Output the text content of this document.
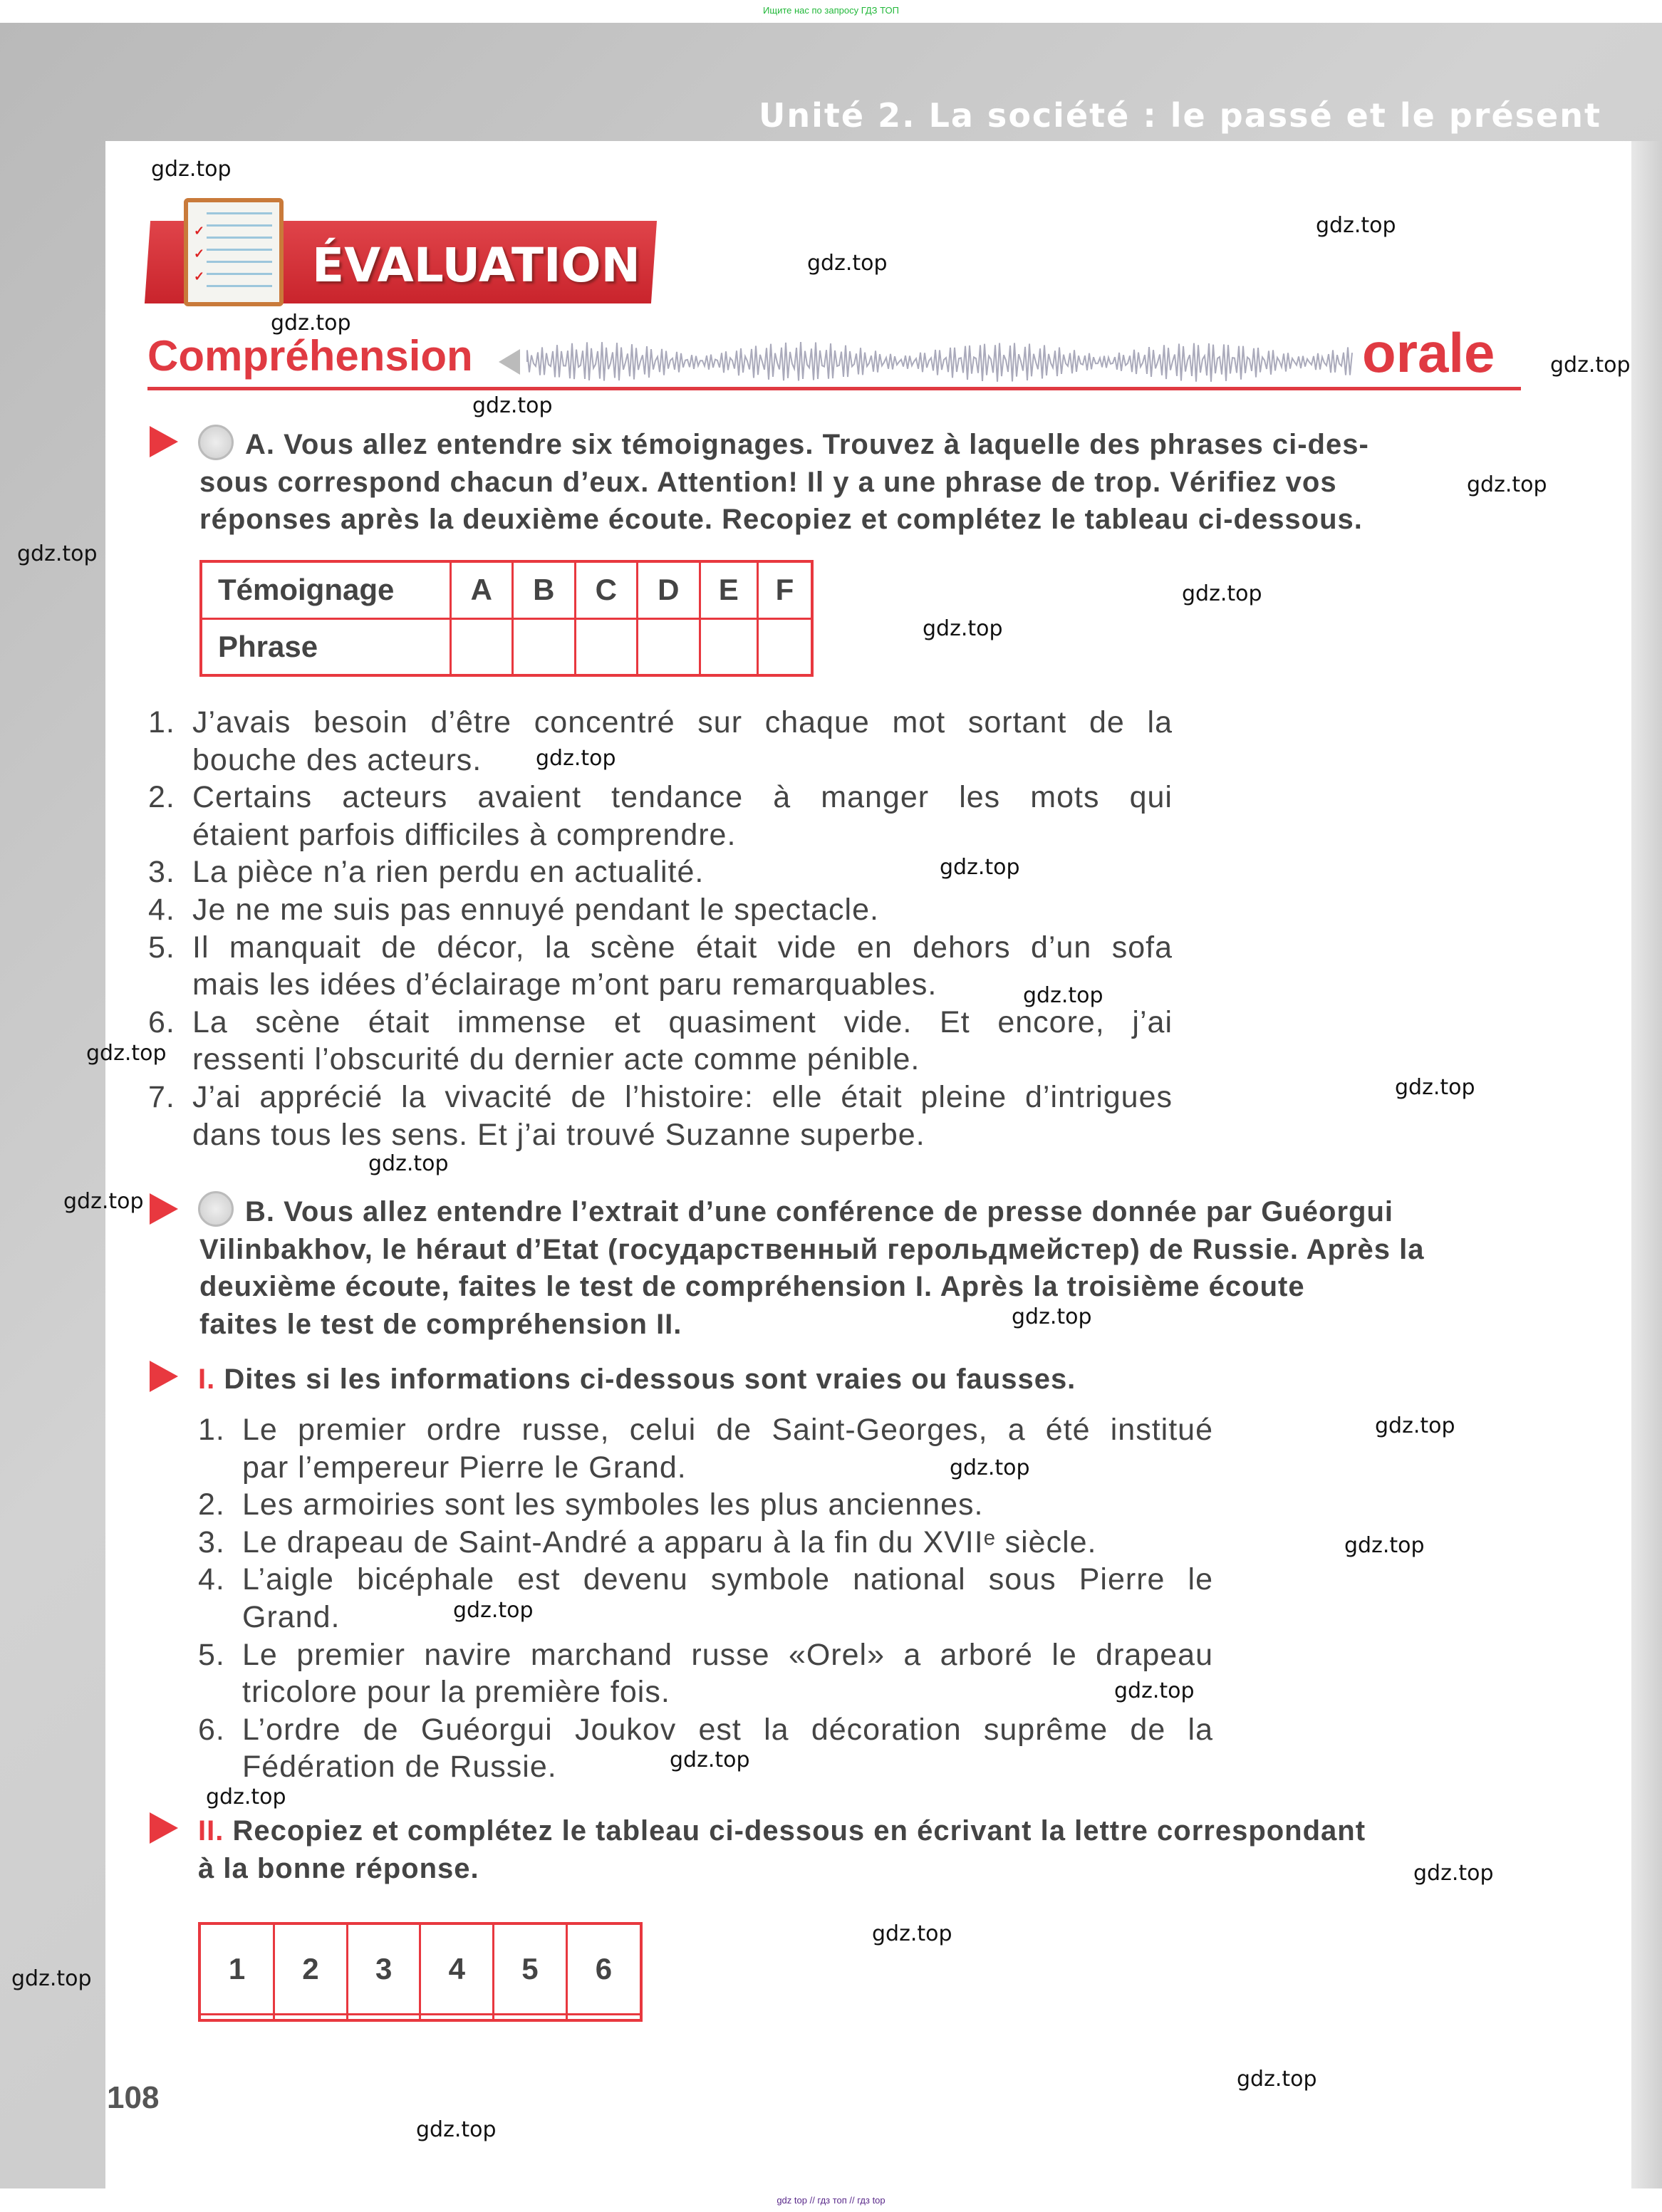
Ищите нас по запросу ГДЗ ТОП
Unité 2. La société : le passé et le présent
✓
✓
✓ ÉVALUATION
Compréhension	orale
A. Vous allez entendre six témoignages. Trouvez à laquelle des phrases ci-des-
sous correspond chacun d’eux. Attention! Il y a une phrase de trop. Vérifiez vos
réponses après la deuxième écoute. Recopiez et complétez le tableau ci-dessous.
Témoignage	A	B	C	D	E	F
Phrase						
1. J’avais besoin d’être concentré sur chaque mot sortant de la
bouche des acteurs.
2. Certains acteurs avaient tendance à manger les mots qui
étaient parfois difficiles à comprendre.
3. La pièce n’a rien perdu en actualité.
4. Je ne me suis pas ennuyé pendant le spectacle.
5. Il manquait de décor, la scène était vide en dehors d’un sofa
mais les idées d’éclairage m’ont paru remarquables.
6. La scène était immense et quasiment vide. Et encore, j’ai
ressenti l’obscurité du dernier acte comme pénible.
7. J’ai apprécié la vivacité de l’histoire: elle était pleine d’intrigues
dans tous les sens. Et j’ai trouvé Suzanne superbe.
B. Vous allez entendre l’extrait d’une conférence de presse donnée par Guéorgui
Vilinbakhov, le héraut d’Etat (государственный герольдмейстер) de Russie. Après la
deuxième écoute, faites le test de compréhension I. Après la troisième écoute
faites le test de compréhension II.
I. Dites si les informations ci-dessous sont vraies ou fausses.
1. Le premier ordre russe, celui de Saint-Georges, a été institué
par l’empereur Pierre le Grand.
2. Les armoiries sont les symboles les plus anciennes.
3. Le drapeau de Saint-André a apparu à la fin du XVIIᵉ siècle.
4. L’aigle bicéphale est devenu symbole national sous Pierre le
Grand.
5. Le premier navire marchand russe «Orel» a arboré le drapeau
tricolore pour la première fois.
6. L’ordre de Guéorgui Joukov est la décoration suprême de la
Fédération de Russie.
II. Recopiez et complétez le tableau ci-dessous en écrivant la lettre correspondant
à la bonne réponse.
1	2	3	4	5	6

108
gdz top // гдз топ // гдз top
gdz.top
gdz.top
gdz.top
gdz.top
gdz.top
gdz.top
gdz.top
gdz.top
gdz.top
gdz.top
gdz.top
gdz.top
gdz.top
gdz.top
gdz.top
gdz.top
gdz.top
gdz.top
gdz.top
gdz.top
gdz.top
gdz.top
gdz.top
gdz.top
gdz.top
gdz.top
gdz.top
gdz.top
gdz.top
gdz.top
